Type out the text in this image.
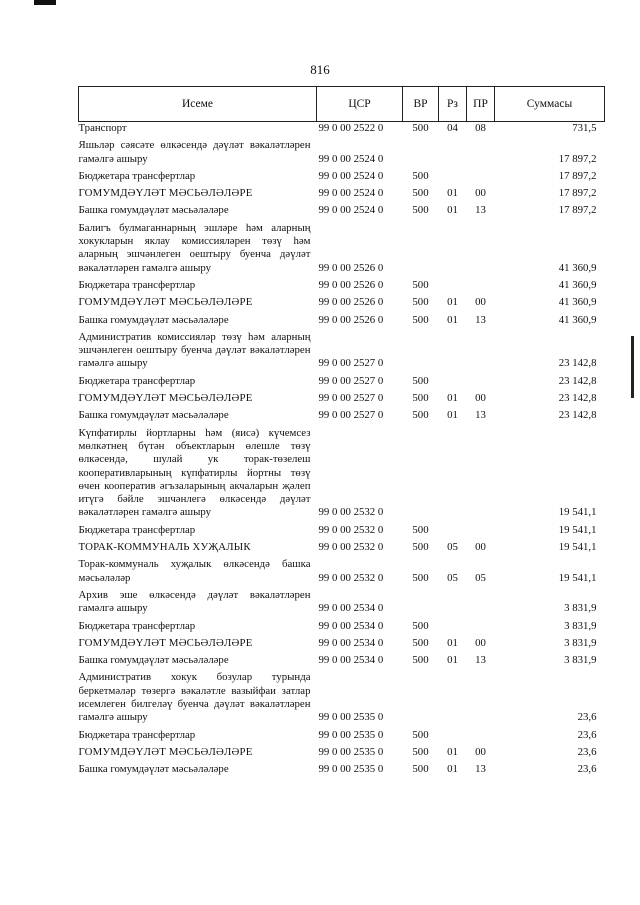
816
Исеме	ЦСР	ВР	Рз	ПР	Суммасы
Транспорт	99 0 00 2522 0	500	04	08	731,5
Яшьләр сәясәте өлкәсендә дәүләт вәкаләтләрен гамәлгә ашыру	99 0 00 2524 0				17 897,2
Бюджетара трансфертлар	99 0 00 2524 0	500			17 897,2
ГОМУМДӘҮЛӘТ МӘСЬӘЛӘЛӘРЕ	99 0 00 2524 0	500	01	00	17 897,2
Башка гомумдәүләт мәсьәләләре	99 0 00 2524 0	500	01	13	17 897,2
Балигъ булмаганнарның эшләре һәм аларның хокукларын яклау комиссияләрен төзү һәм аларның эшчәнлеген оештыру буенча дәүләт вәкаләтләрен гамәлгә ашыру	99 0 00 2526 0				41 360,9
Бюджетара трансфертлар	99 0 00 2526 0	500			41 360,9
ГОМУМДӘҮЛӘТ МӘСЬӘЛӘЛӘРЕ	99 0 00 2526 0	500	01	00	41 360,9
Башка гомумдәүләт мәсьәләләре	99 0 00 2526 0	500	01	13	41 360,9
Административ комиссияләр төзү һәм аларның эшчәнлеген оештыру буенча дәүләт вәкаләтләрен гамәлгә ашыру	99 0 00 2527 0				23 142,8
Бюджетара трансфертлар	99 0 00 2527 0	500			23 142,8
ГОМУМДӘҮЛӘТ МӘСЬӘЛӘЛӘРЕ	99 0 00 2527 0	500	01	00	23 142,8
Башка гомумдәүләт мәсьәләләре	99 0 00 2527 0	500	01	13	23 142,8
Күпфатирлы йортларны һәм (яисә) күчемсез мөлкәтнең бүтән объектларын өлешле төзү өлкәсендә, шулай ук торак-төзелеш кооперативларының күпфатирлы йортны төзү өчен кооператив әгъзаларының акчаларын җәлеп итүгә бәйле эшчәнлегә өлкәсендә дәүләт вәкаләтләрен гамәлгә ашыру	99 0 00 2532 0				19 541,1
Бюджетара трансфертлар	99 0 00 2532 0	500			19 541,1
ТОРАК-КОММУНАЛЬ ХУҖАЛЫК	99 0 00 2532 0	500	05	00	19 541,1
Торак-коммуналь хуҗалык өлкәсендә башка мәсьәләләр	99 0 00 2532 0	500	05	05	19 541,1
Архив эше өлкәсендә дәүләт вәкаләтләрен гамәлгә ашыру	99 0 00 2534 0				3 831,9
Бюджетара трансфертлар	99 0 00 2534 0	500			3 831,9
ГОМУМДӘҮЛӘТ МӘСЬӘЛӘЛӘРЕ	99 0 00 2534 0	500	01	00	3 831,9
Башка гомумдәүләт мәсьәләләре	99 0 00 2534 0	500	01	13	3 831,9
Административ хокук бозулар турында беркетмәләр төзергә вәкаләтле вазыйфаи затлар исемлеген билгеләү буенча дәүләт вәкаләтләрен гамәлгә ашыру	99 0 00 2535 0				23,6
Бюджетара трансфертлар	99 0 00 2535 0	500			23,6
ГОМУМДӘҮЛӘТ МӘСЬӘЛӘЛӘРЕ	99 0 00 2535 0	500	01	00	23,6
Башка гомумдәүләт мәсьәләләре	99 0 00 2535 0	500	01	13	23,6
